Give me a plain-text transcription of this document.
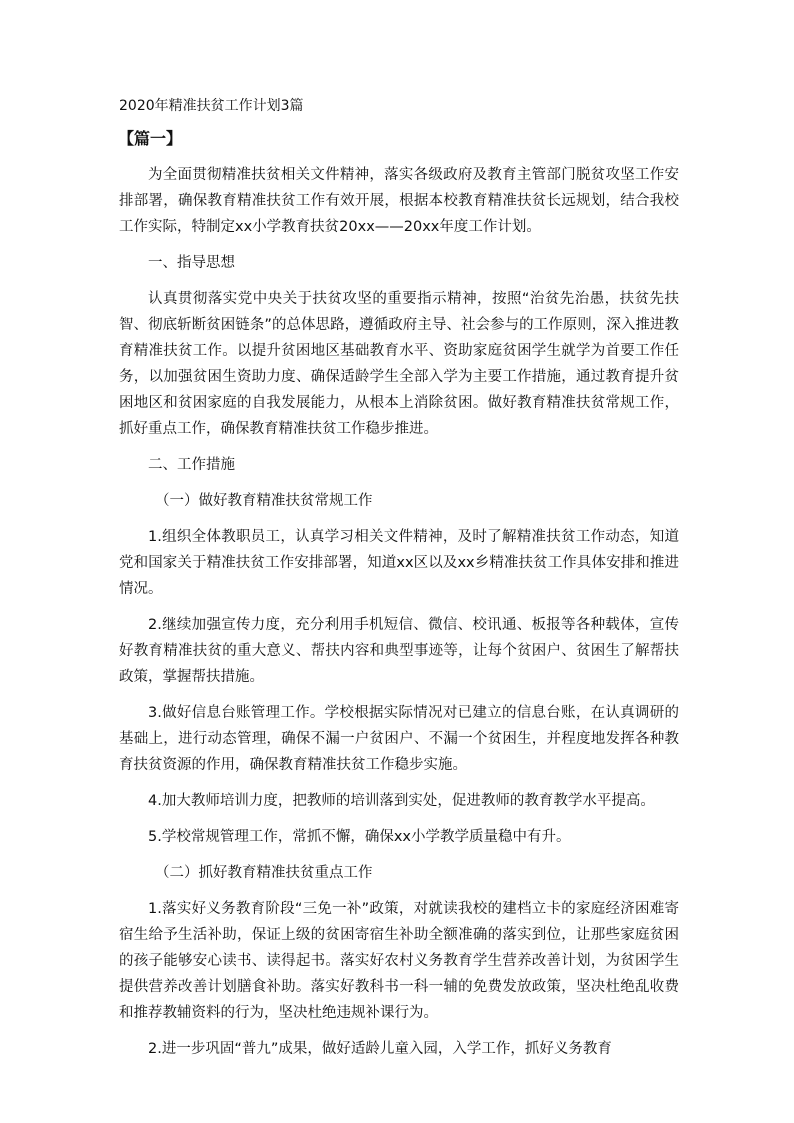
2020年精准扶贫工作计划3篇
【篇一】

为全面贯彻精准扶贫相关文件精神，落实各级政府及教育主管部门脱贫攻坚工作安排部署，确保教育精准扶贫工作有效开展，根据本校教育精准扶贫长远规划，结合我校工作实际，特制定xx小学教育扶贫20xx——20xx年度工作计划。

一、指导思想

认真贯彻落实党中央关于扶贫攻坚的重要指示精神，按照“治贫先治愚，扶贫先扶智、彻底斩断贫困链条”的总体思路，遵循政府主导、社会参与的工作原则，深入推进教育精准扶贫工作。以提升贫困地区基础教育水平、资助家庭贫困学生就学为首要工作任务，以加强贫困生资助力度、确保适龄学生全部入学为主要工作措施，通过教育提升贫困地区和贫困家庭的自我发展能力，从根本上消除贫困。做好教育精准扶贫常规工作，抓好重点工作，确保教育精准扶贫工作稳步推进。

二、工作措施

（一）做好教育精准扶贫常规工作

1.组织全体教职员工，认真学习相关文件精神，及时了解精准扶贫工作动态，知道党和国家关于精准扶贫工作安排部署，知道xx区以及xx乡精准扶贫工作具体安排和推进情况。

2.继续加强宣传力度，充分利用手机短信、微信、校讯通、板报等各种载体，宣传好教育精准扶贫的重大意义、帮扶内容和典型事迹等，让每个贫困户、贫困生了解帮扶政策，掌握帮扶措施。

3.做好信息台账管理工作。学校根据实际情况对已建立的信息台账，在认真调研的基础上，进行动态管理，确保不漏一户贫困户、不漏一个贫困生，并程度地发挥各种教育扶贫资源的作用，确保教育精准扶贫工作稳步实施。

4.加大教师培训力度，把教师的培训落到实处，促进教师的教育教学水平提高。

5.学校常规管理工作，常抓不懈，确保xx小学教学质量稳中有升。

（二）抓好教育精准扶贫重点工作

1.落实好义务教育阶段“三免一补”政策，对就读我校的建档立卡的家庭经济困难寄宿生给予生活补助，保证上级的贫困寄宿生补助全额准确的落实到位，让那些家庭贫困的孩子能够安心读书、读得起书。落实好农村义务教育学生营养改善计划，为贫困学生提供营养改善计划膳食补助。落实好教科书一科一辅的免费发放政策，坚决杜绝乱收费和推荐教辅资料的行为，坚决杜绝违规补课行为。

2.进一步巩固“普九”成果，做好适龄儿童入园，入学工作，抓好义务教育
